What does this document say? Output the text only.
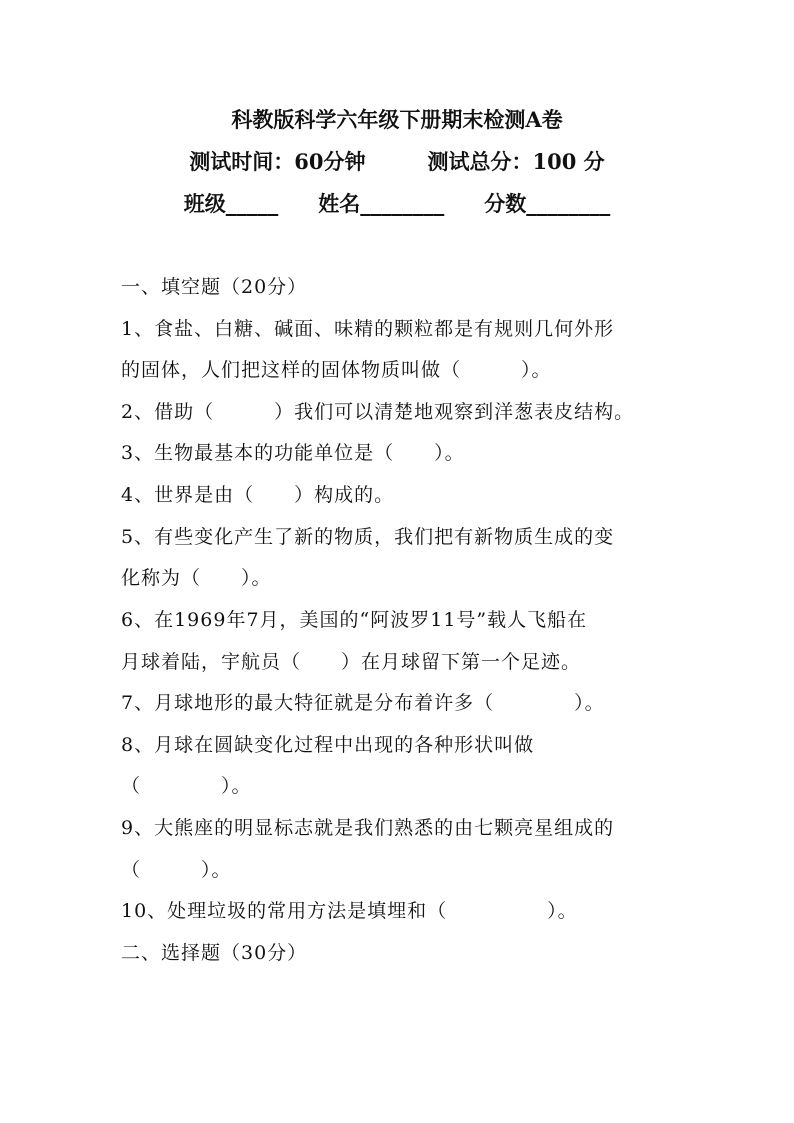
科教版科学六年级下册期末检测A卷
测试时间：60分钟	测试总分：100 分
班级_____ 姓名________ 分数________
一、填空题（20分）
1、食盐、白糖、碱面、味精的颗粒都是有规则几何外形
的固体，人们把这样的固体物质叫做（　　　）。
2、借助（　　　）我们可以清楚地观察到洋葱表皮结构。
3、生物最基本的功能单位是（　　）。
4、世界是由（　　）构成的。
5、有些变化产生了新的物质，我们把有新物质生成的变
化称为（　　）。
6、在1969年7月，美国的“阿波罗11号”载人飞船在
月球着陆，宇航员（　　）在月球留下第一个足迹。
7、月球地形的最大特征就是分布着许多（　　　　）。
8、月球在圆缺变化过程中出现的各种形状叫做
（　　　　）。
9、大熊座的明显标志就是我们熟悉的由七颗亮星组成的
（　　　）。
10、处理垃圾的常用方法是填埋和（　　　　　）。
二、选择题（30分）
